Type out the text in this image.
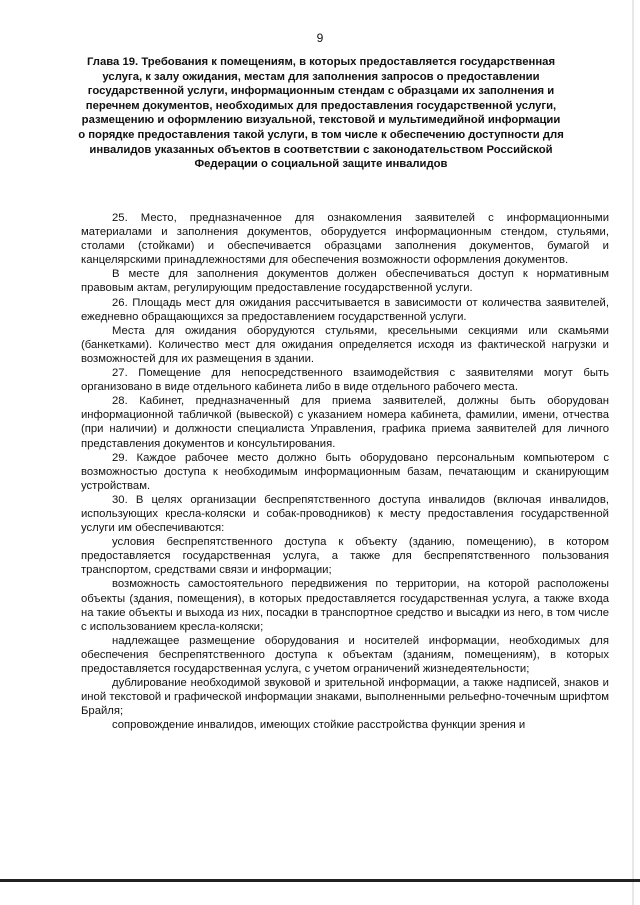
9
Глава 19. Требования к помещениям, в которых предоставляется государственная услуга, к залу ожидания, местам для заполнения запросов о предоставлении государственной услуги, информационным стендам с образцами их заполнения и перечнем документов, необходимых для предоставления государственной услуги, размещению и оформлению визуальной, текстовой и мультимедийной информации о порядке предоставления такой услуги, в том числе к обеспечению доступности для инвалидов указанных объектов в соответствии с законодательством Российской Федерации о социальной защите инвалидов

25. Место, предназначенное для ознакомления заявителей с информационными материалами и заполнения документов, оборудуется информационным стендом, стульями, столами (стойками) и обеспечивается образцами заполнения документов, бумагой и канцелярскими принадлежностями для обеспечения возможности оформления документов.

В месте для заполнения документов должен обеспечиваться доступ к нормативным правовым актам, регулирующим предоставление государственной услуги.

26. Площадь мест для ожидания рассчитывается в зависимости от количества заявителей, ежедневно обращающихся за предоставлением государственной услуги.

Места для ожидания оборудуются стульями, кресельными секциями или скамьями (банкетками). Количество мест для ожидания определяется исходя из фактической нагрузки и возможностей для их размещения в здании.

27. Помещение для непосредственного взаимодействия с заявителями могут быть организовано в виде отдельного кабинета либо в виде отдельного рабочего места.

28. Кабинет, предназначенный для приема заявителей, должны быть оборудован информационной табличкой (вывеской) с указанием номера кабинета, фамилии, имени, отчества (при наличии) и должности специалиста Управления, графика приема заявителей для личного представления документов и консультирования.

29. Каждое рабочее место должно быть оборудовано персональным компьютером с возможностью доступа к необходимым информационным базам, печатающим и сканирующим устройствам.

30. В целях организации беспрепятственного доступа инвалидов (включая инвалидов, использующих кресла-коляски и собак-проводников) к месту предоставления государственной услуги им обеспечиваются:

условия беспрепятственного доступа к объекту (зданию, помещению), в котором предоставляется государственная услуга, а также для беспрепятственного пользования транспортом, средствами связи и информации;

возможность самостоятельного передвижения по территории, на которой расположены объекты (здания, помещения), в которых предоставляется государственная услуга, а также входа на такие объекты и выхода из них, посадки в транспортное средство и высадки из него, в том числе с использованием кресла-коляски;

надлежащее размещение оборудования и носителей информации, необходимых для обеспечения беспрепятственного доступа к объектам (зданиям, помещениям), в которых предоставляется государственная услуга, с учетом ограничений жизнедеятельности;

дублирование необходимой звуковой и зрительной информации, а также надписей, знаков и иной текстовой и графической информации знаками, выполненными рельефно-точечным шрифтом Брайля;

сопровождение инвалидов, имеющих стойкие расстройства функции зрения и
